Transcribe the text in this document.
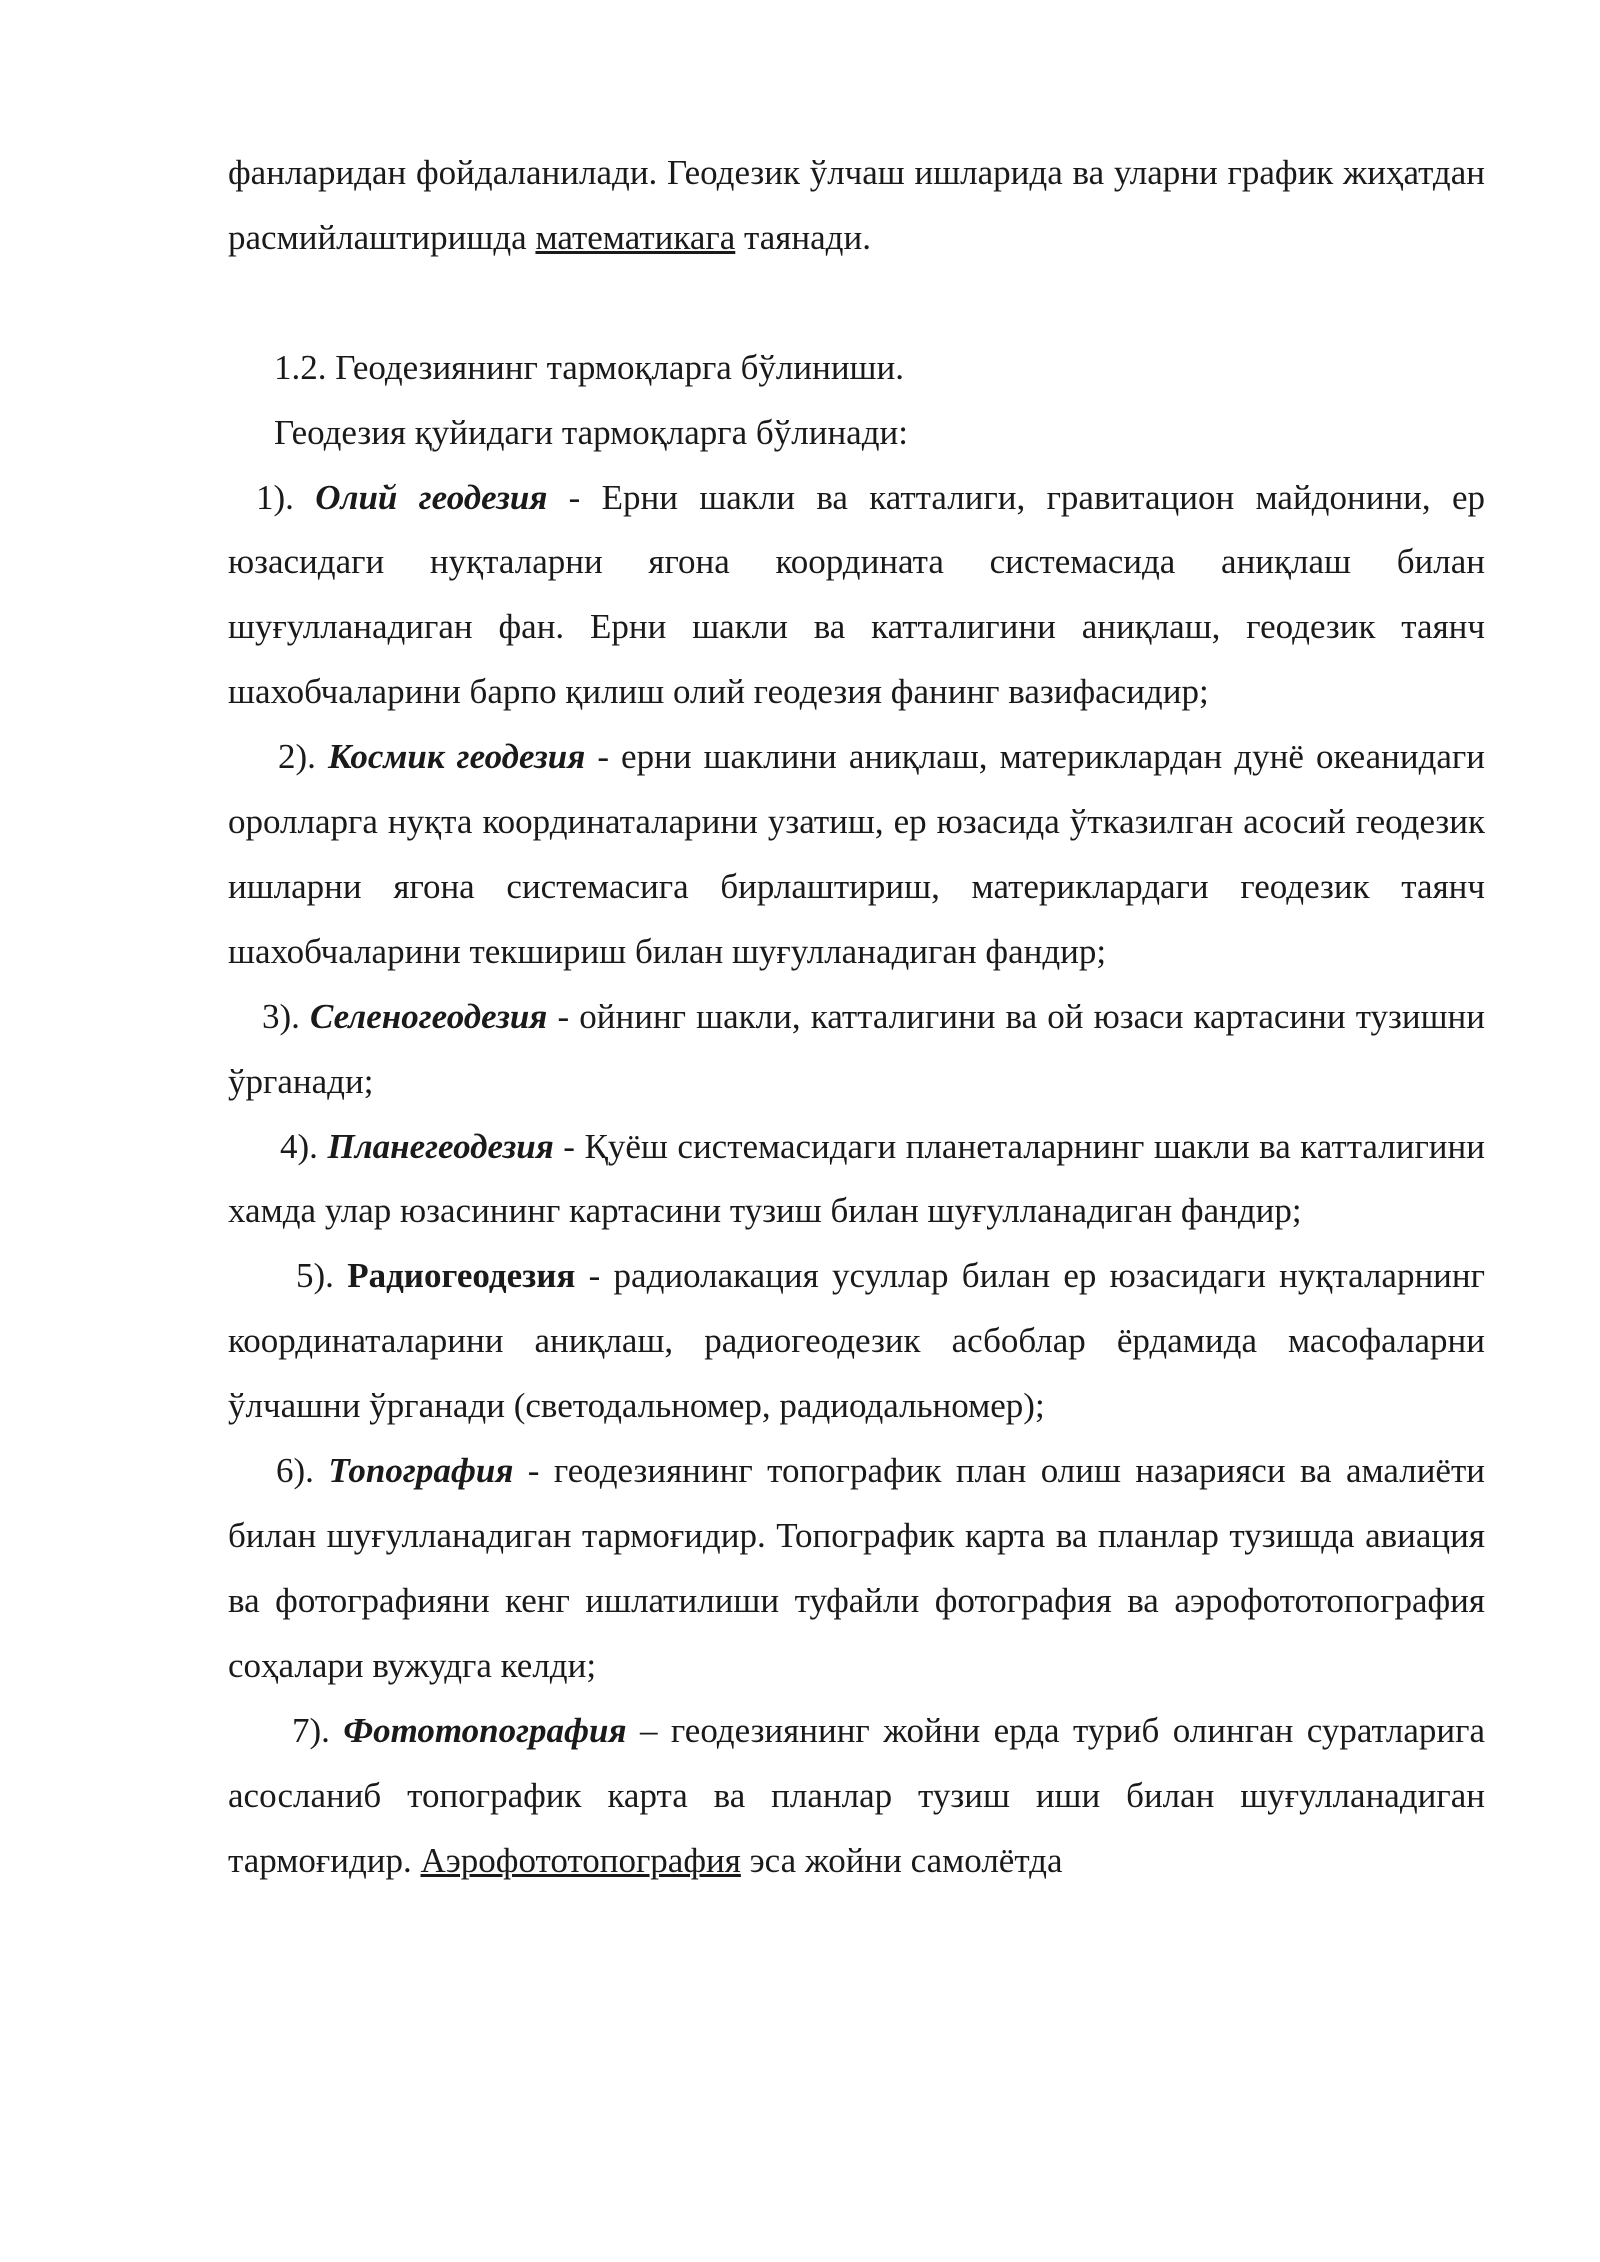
фанларидан фойдаланилади. Геодезик ўлчаш ишларида ва уларни график жиҳатдан расмийлаштиришда математикага таянади.

1.2. Геодезиянинг тармоқларга бўлиниши.

Геодезия қуйидаги тармоқларга бўлинади:

1). Олий геодезия - Ерни шакли ва катталиги, гравитацион майдонини, ер юзасидаги нуқталарни ягона координата системасида аниқлаш билан шуғулланадиган фан. Ерни шакли ва катталигини аниқлаш, геодезик таянч шахобчаларини барпо қилиш олий геодезия фанинг вазифасидир;

2). Космик геодезия - ерни шаклини аниқлаш, материклардан дунё океанидаги оролларга нуқта координаталарини узатиш, ер юзасида ўтказилган асосий геодезик ишларни ягона системасига бирлаштириш, материклардаги геодезик таянч шахобчаларини текшириш билан шуғулланадиган фандир;

3). Селеногеодезия - ойнинг шакли, катталигини ва ой юзаси картасини тузишни ўрганади;

4). Планегеодезия - Қуёш системасидаги планеталарнинг шакли ва катталигини хамда улар юзасининг картасини тузиш билан шуғулланадиган фандир;

5). Радиогеодезия - радиолакация усуллар билан ер юзасидаги нуқталарнинг координаталарини аниқлаш, радиогеодезик асбоблар ёрдамида масофаларни ўлчашни ўрганади (светодальномер, радиодальномер);

6). Топография - геодезиянинг топографик план олиш назарияси ва амалиёти билан шуғулланадиган тармоғидир. Топографик карта ва планлар тузишда авиация ва фотографияни кенг ишлатилиши туфайли фотография ва аэрофототопография соҳалари вужудга келди;

7). Фототопография – геодезиянинг жойни ерда туриб олинган суратларига асосланиб топографик карта ва планлар тузиш иши билан шуғулланадиган тармоғидир. Аэрофототопография эса жойни самолётда
